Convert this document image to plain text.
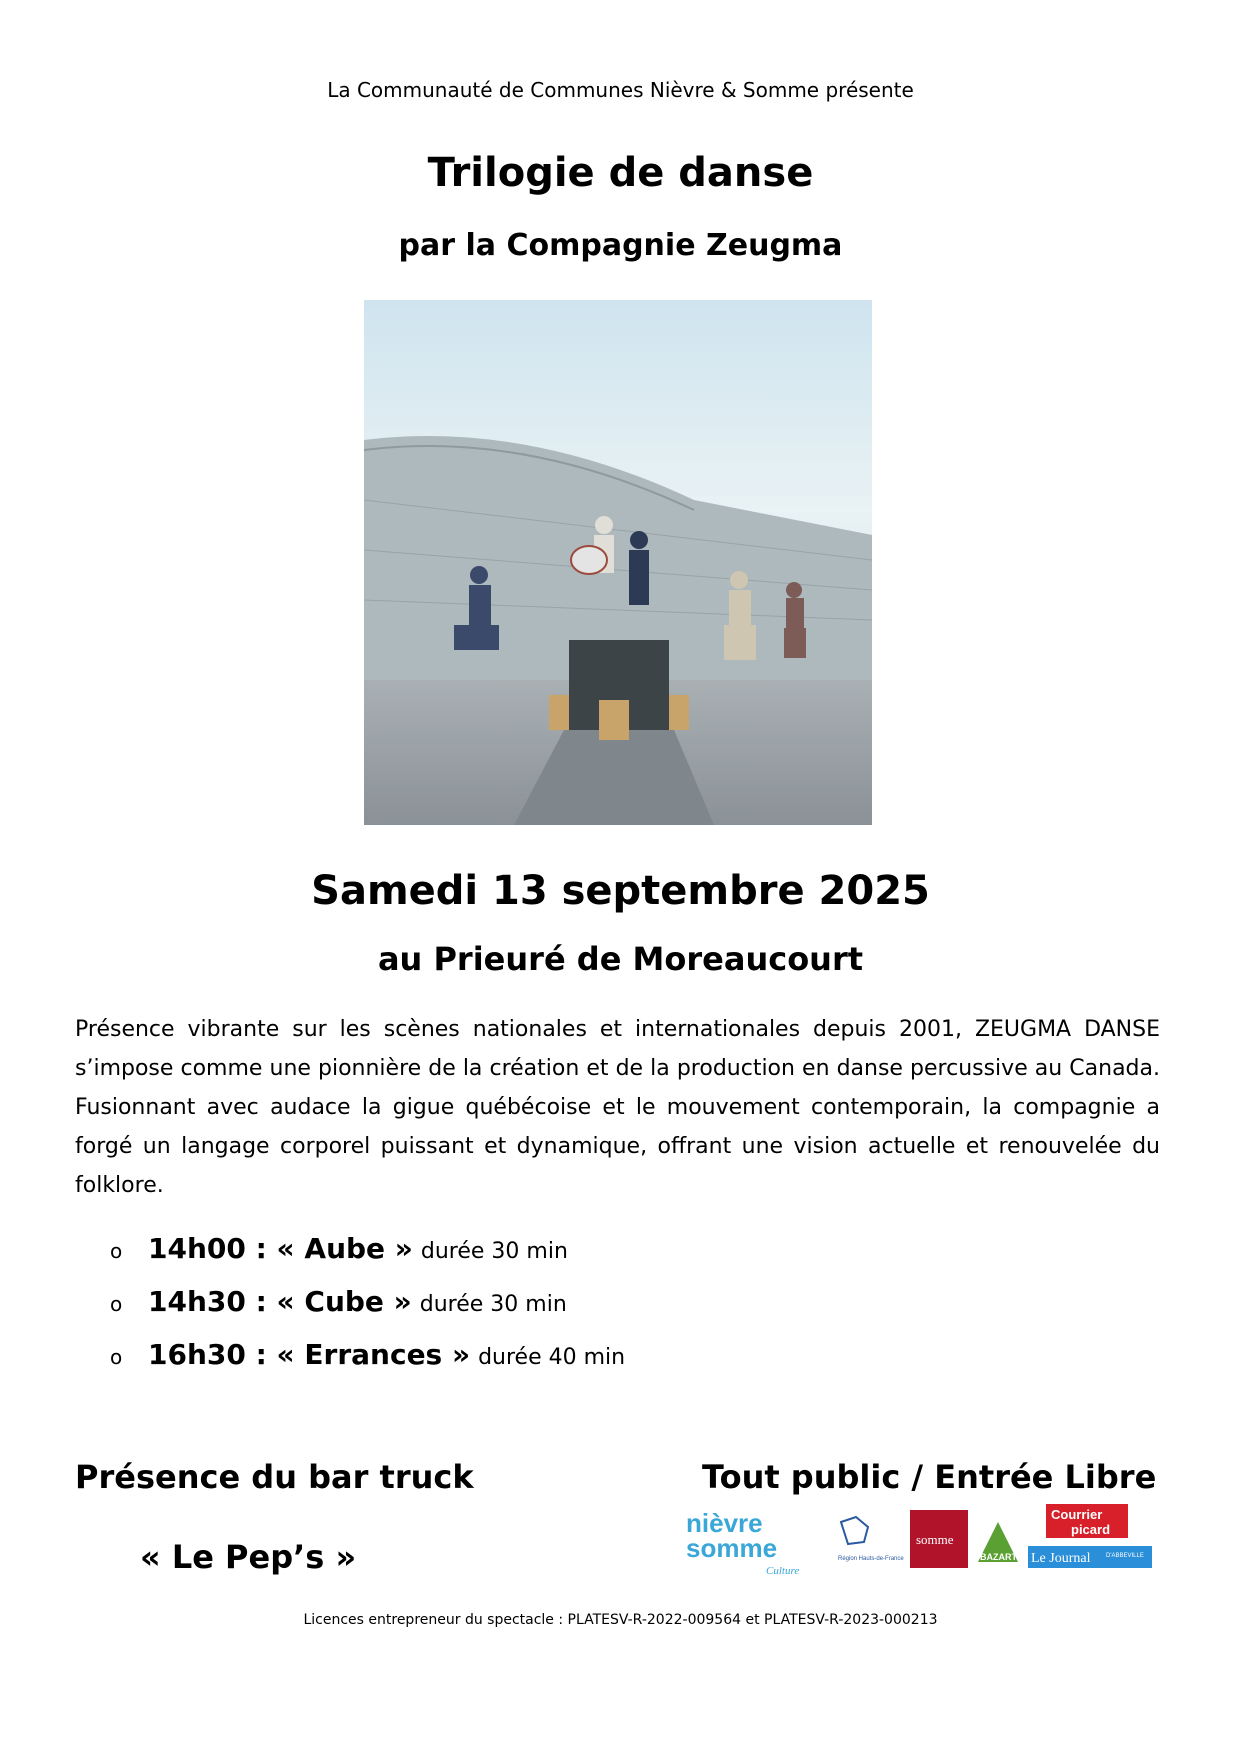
La Communauté de Communes Nièvre & Somme présente
Trilogie de danse
par la Compagnie Zeugma
Samedi 13 septembre 2025
au Prieuré de Moreaucourt
Présence vibrante sur les scènes nationales et internationales depuis 2001, ZEUGMA DANSE s’impose comme une pionnière de la création et de la production en danse percussive au Canada. Fusionnant avec audace la gigue québécoise et le mouvement contemporain, la compagnie a forgé un langage corporel puissant et dynamique, offrant une vision actuelle et renouvelée du folklore.
o 14h00 : « Aube » durée 30 min
o 14h30 : « Cube » durée 30 min
o 16h30 : « Errances » durée 40 min
Présence du bar truck
« Le Pep’s »
Tout public / Entrée Libre
nièvre
somme
Culture
Région Hauts-de-France
somme
BAZART
Courrier
picard
Le Journal	D'ABBEVILLE
Licences entrepreneur du spectacle : PLATESV-R-2022-009564 et PLATESV-R-2023-000213
